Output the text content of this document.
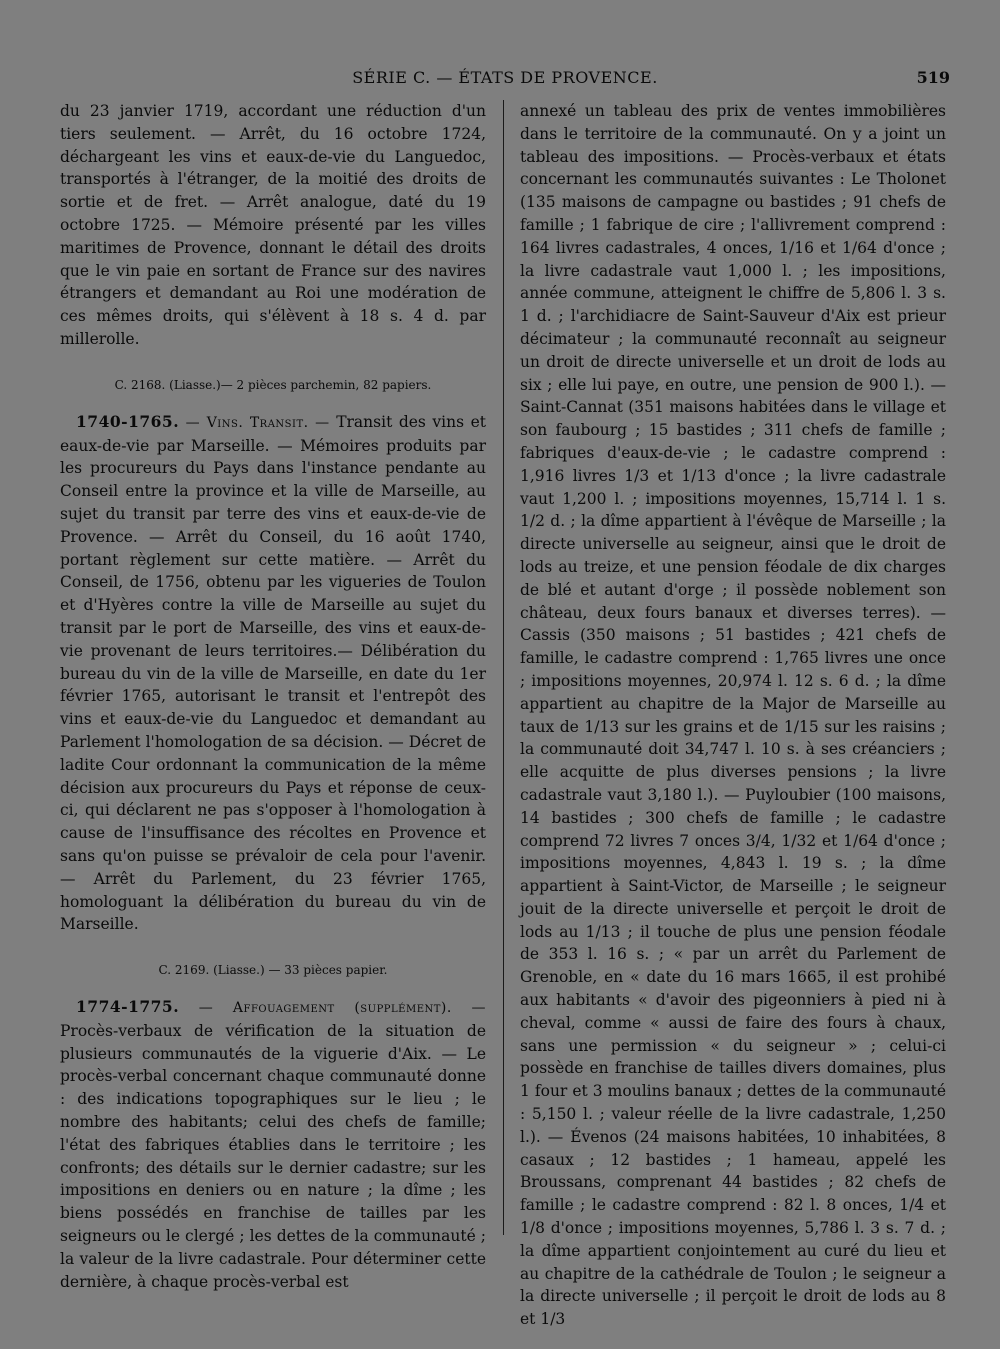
SÉRIE C. — ÉTATS DE PROVENCE.	519

du 23 janvier 1719, accordant une réduction d'un tiers seulement. — Arrêt, du 16 octobre 1724, déchargeant les vins et eaux-de-vie du Languedoc, transportés à l'étranger, de la moitié des droits de sortie et de fret. — Arrêt analogue, daté du 19 octobre 1725. — Mémoire présenté par les villes maritimes de Provence, donnant le détail des droits que le vin paie en sortant de France sur des navires étrangers et demandant au Roi une modération de ces mêmes droits, qui s'élèvent à 18 s. 4 d. par millerolle.

C. 2168. (Liasse.)— 2 pièces parchemin, 82 papiers.

1740-1765. — Vins. Transit. — Transit des vins et eaux-de-vie par Marseille. — Mémoires produits par les procureurs du Pays dans l'instance pendante au Conseil entre la province et la ville de Marseille, au sujet du transit par terre des vins et eaux-de-vie de Provence. — Arrêt du Conseil, du 16 août 1740, portant règlement sur cette matière. — Arrêt du Conseil, de 1756, obtenu par les vigueries de Toulon et d'Hyères contre la ville de Marseille au sujet du transit par le port de Marseille, des vins et eaux-de-vie provenant de leurs territoires.— Délibération du bureau du vin de la ville de Marseille, en date du 1er février 1765, autorisant le transit et l'entrepôt des vins et eaux-de-vie du Languedoc et demandant au Parlement l'homologation de sa décision. — Décret de ladite Cour ordonnant la communication de la même décision aux procureurs du Pays et réponse de ceux-ci, qui déclarent ne pas s'opposer à l'homologation à cause de l'insuffisance des récoltes en Provence et sans qu'on puisse se prévaloir de cela pour l'avenir. — Arrêt du Parlement, du 23 février 1765, homologuant la délibération du bureau du vin de Marseille.

C. 2169. (Liasse.) — 33 pièces papier.

1774-1775. — Affouagement (supplément). — Procès-verbaux de vérification de la situation de plusieurs communautés de la viguerie d'Aix. — Le procès-verbal concernant chaque communauté donne : des indications topographiques sur le lieu ; le nombre des habitants; celui des chefs de famille; l'état des fabriques établies dans le territoire ; les confronts; des détails sur le dernier cadastre; sur les impositions en deniers ou en nature ; la dîme ; les biens possédés en franchise de tailles par les seigneurs ou le clergé ; les dettes de la communauté ; la valeur de la livre cadastrale. Pour déterminer cette dernière, à chaque procès-verbal est

annexé un tableau des prix de ventes immobilières dans le territoire de la communauté. On y a joint un tableau des impositions. — Procès-verbaux et états concernant les communautés suivantes : Le Tholonet (135 maisons de campagne ou bastides ; 91 chefs de famille ; 1 fabrique de cire ; l'allivrement comprend : 164 livres cadastrales, 4 onces, 1/16 et 1/64 d'once ; la livre cadastrale vaut 1,000 l. ; les impositions, année commune, atteignent le chiffre de 5,806 l. 3 s. 1 d. ; l'archidiacre de Saint-Sauveur d'Aix est prieur décimateur ; la communauté reconnaît au seigneur un droit de directe universelle et un droit de lods au six ; elle lui paye, en outre, une pension de 900 l.). — Saint-Cannat (351 maisons habitées dans le village et son faubourg ; 15 bastides ; 311 chefs de famille ; fabriques d'eaux-de-vie ; le cadastre comprend : 1,916 livres 1/3 et 1/13 d'once ; la livre cadastrale vaut 1,200 l. ; impositions moyennes, 15,714 l. 1 s. 1/2 d. ; la dîme appartient à l'évêque de Marseille ; la directe universelle au seigneur, ainsi que le droit de lods au treize, et une pension féodale de dix charges de blé et autant d'orge ; il possède noblement son château, deux fours banaux et diverses terres). — Cassis (350 maisons ; 51 bastides ; 421 chefs de famille, le cadastre comprend : 1,765 livres une once ; impositions moyennes, 20,974 l. 12 s. 6 d. ; la dîme appartient au chapitre de la Major de Marseille au taux de 1/13 sur les grains et de 1/15 sur les raisins ; la communauté doit 34,747 l. 10 s. à ses créanciers ; elle acquitte de plus diverses pensions ; la livre cadastrale vaut 3,180 l.). — Puyloubier (100 maisons, 14 bastides ; 300 chefs de famille ; le cadastre comprend 72 livres 7 onces 3/4, 1/32 et 1/64 d'once ; impositions moyennes, 4,843 l. 19 s. ; la dîme appartient à Saint-Victor, de Marseille ; le seigneur jouit de la directe universelle et perçoit le droit de lods au 1/13 ; il touche de plus une pension féodale de 353 l. 16 s. ; « par un arrêt du Parlement de Grenoble, en « date du 16 mars 1665, il est prohibé aux habitants « d'avoir des pigeonniers à pied ni à cheval, comme « aussi de faire des fours à chaux, sans une permission « du seigneur » ; celui-ci possède en franchise de tailles divers domaines, plus 1 four et 3 moulins banaux ; dettes de la communauté : 5,150 l. ; valeur réelle de la livre cadastrale, 1,250 l.). — Évenos (24 maisons habitées, 10 inhabitées, 8 casaux ; 12 bastides ; 1 hameau, appelé les Broussans, comprenant 44 bastides ; 82 chefs de famille ; le cadastre comprend : 82 l. 8 onces, 1/4 et 1/8 d'once ; impositions moyennes, 5,786 l. 3 s. 7 d. ; la dîme appartient conjointement au curé du lieu et au chapitre de la cathédrale de Toulon ; le seigneur a la directe universelle ; il perçoit le droit de lods au 8 et 1/3
